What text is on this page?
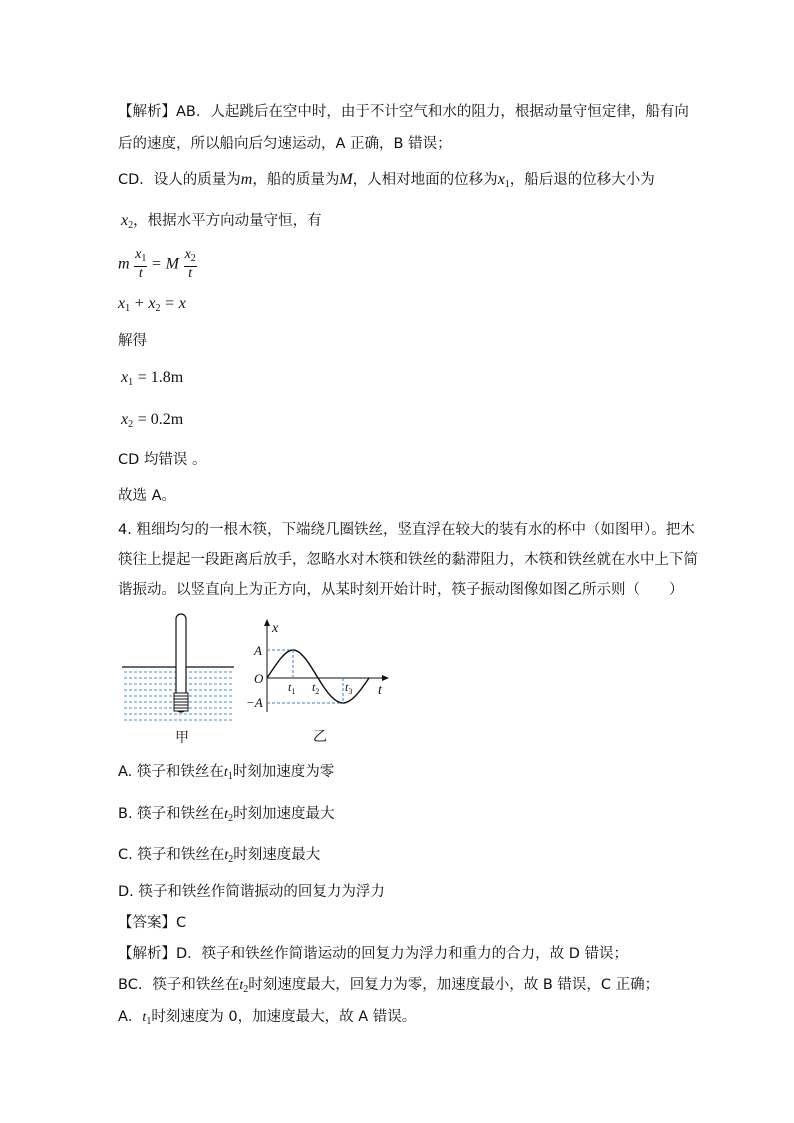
【解析】AB．人起跳后在空中时，由于不计空气和水的阻力，根据动量守恒定律，船有向
后的速度，所以船向后匀速运动，A 正确，B 错误；
CD．设人的质量为m，船的质量为M，人相对地面的位移为$x_1$，船后退的位移大小为
$x_2$，根据水平方向动量守恒，有
m $\frac{x_1}{t} = M \frac{x_2}{t}$
$x_1 + x_2 = x$
解得
$x_1 = 1.8m$
$x_2 = 0.2m$
CD 均错误 。
故选 A。
4. 粗细均匀的一根木筷，下端绕几圈铁丝，竖直浮在较大的装有水的杯中（如图甲）。把木
筷往上提起一段距离后放手，忽略水对木筷和铁丝的黏滞阻力，木筷和铁丝就在水中上下简
谐振动。以竖直向上为正方向，从某时刻开始计时，筷子振动图像如图乙所示则（　　）
甲
x
t
A
−A
O
$t_1$ $t_2$ $t_3$
乙
A. 筷子和铁丝在$t_1$时刻加速度为零
B. 筷子和铁丝在$t_2$时刻加速度最大
C. 筷子和铁丝在$t_2$时刻速度最大
D. 筷子和铁丝作简谐振动的回复力为浮力
【答案】C
【解析】D．筷子和铁丝作简谐运动的回复力为浮力和重力的合力，故 D 错误；
BC．筷子和铁丝在$t_2$时刻速度最大，回复力为零，加速度最小，故 B 错误，C 正确；
A．$t_1$时刻速度为 0，加速度最大，故 A 错误。
